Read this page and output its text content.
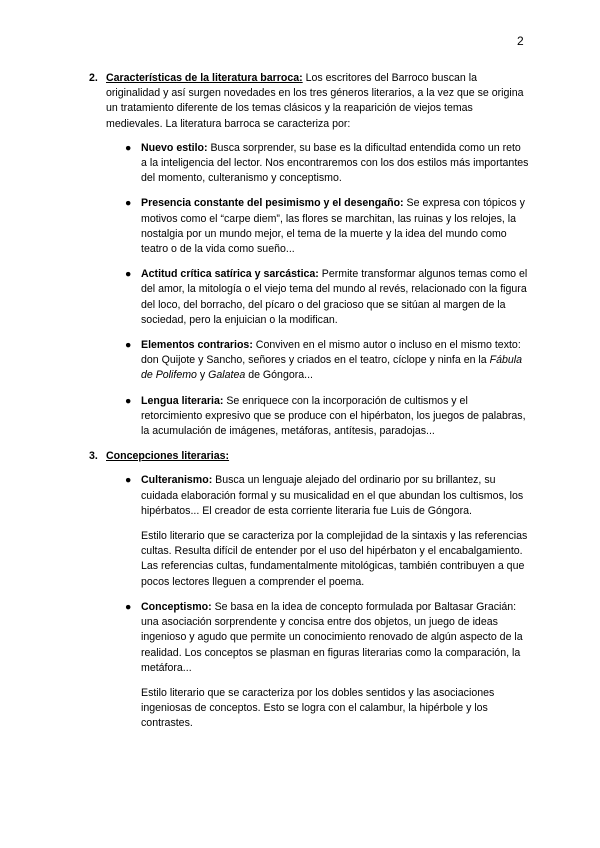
2
2. Características de la literatura barroca: Los escritores del Barroco buscan la originalidad y así surgen novedades en los tres géneros literarios, a la vez que se origina un tratamiento diferente de los temas clásicos y la reaparición de viejos temas medievales. La literatura barroca se caracteriza por:
● Nuevo estilo: Busca sorprender, su base es la dificultad entendida como un reto a la inteligencia del lector. Nos encontraremos con los dos estilos más importantes del momento, culteranismo y conceptismo.
● Presencia constante del pesimismo y el desengaño: Se expresa con tópicos y motivos como el “carpe diem”, las flores se marchitan, las ruinas y los relojes, la nostalgia por un mundo mejor, el tema de la muerte y la idea del mundo como teatro o de la vida como sueño...
● Actitud crítica satírica y sarcástica: Permite transformar algunos temas como el del amor, la mitología o el viejo tema del mundo al revés, relacionado con la figura del loco, del borracho, del pícaro o del gracioso que se sitúan al margen de la sociedad, pero la enjuician o la modifican.
● Elementos contrarios: Conviven en el mismo autor o incluso en el mismo texto: don Quijote y Sancho, señores y criados en el teatro, cíclope y ninfa en la Fábula de Polifemo y Galatea de Góngora...
● Lengua literaria: Se enriquece con la incorporación de cultismos y el retorcimiento expresivo que se produce con el hipérbaton, los juegos de palabras, la acumulación de imágenes, metáforas, antítesis, paradojas...
3. Concepciones literarias:
● Culteranismo: Busca un lenguaje alejado del ordinario por su brillantez, su cuidada elaboración formal y su musicalidad en el que abundan los cultismos, los hipérbatos... El creador de esta corriente literaria fue Luis de Góngora.
Estilo literario que se caracteriza por la complejidad de la sintaxis y las referencias cultas. Resulta difícil de entender por el uso del hipérbaton y el encabalgamiento. Las referencias cultas, fundamentalmente mitológicas, también contribuyen a que pocos lectores lleguen a comprender el poema.
● Conceptismo: Se basa en la idea de concepto formulada por Baltasar Gracián: una asociación sorprendente y concisa entre dos objetos, un juego de ideas ingenioso y agudo que permite un conocimiento renovado de algún aspecto de la realidad. Los conceptos se plasman en figuras literarias como la comparación, la metáfora...
Estilo literario que se caracteriza por los dobles sentidos y las asociaciones ingeniosas de conceptos. Esto se logra con el calambur, la hipérbole y los contrastes.
